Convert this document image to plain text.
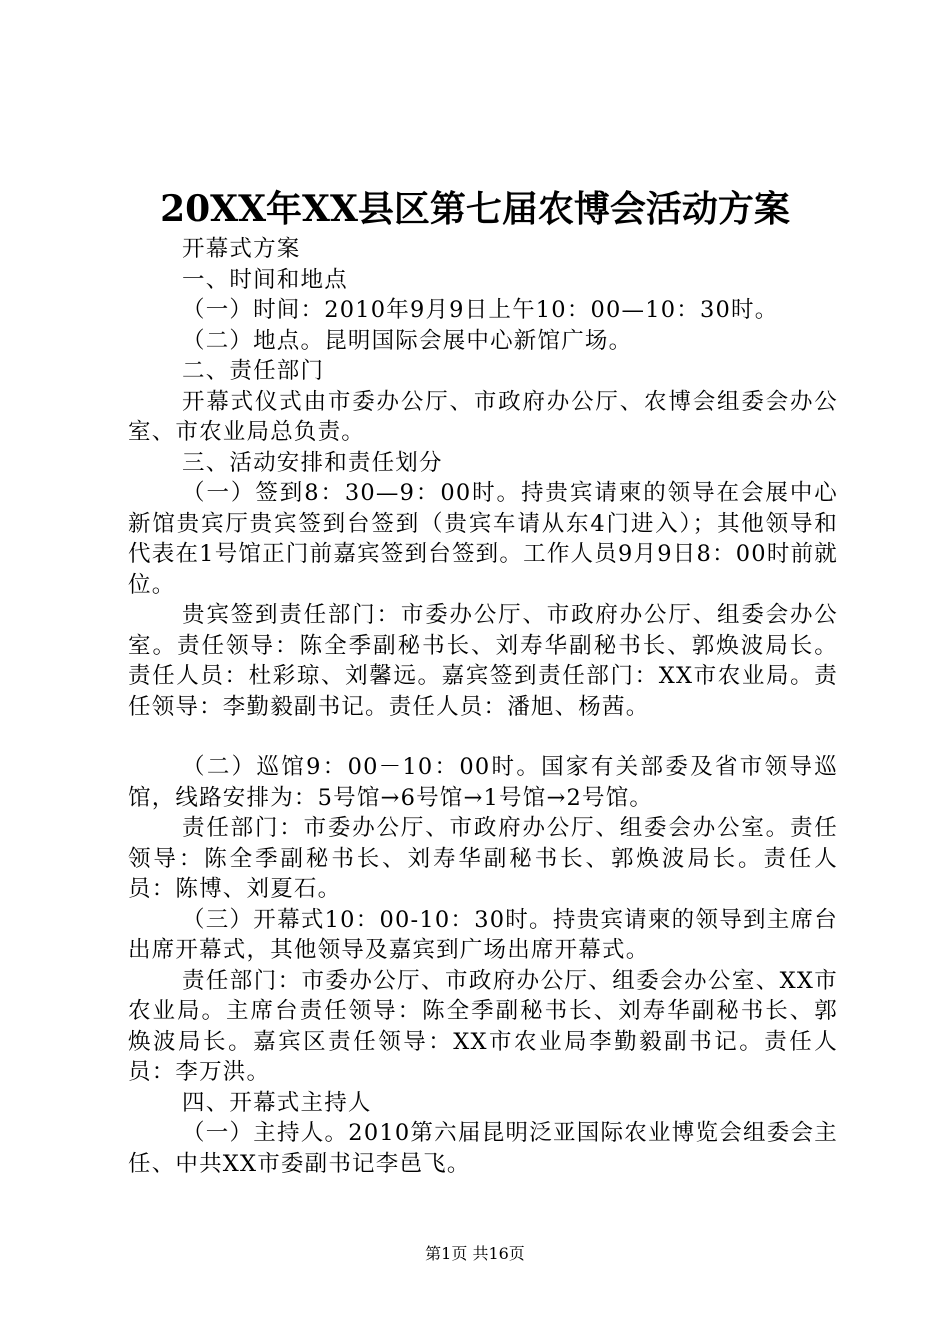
20XX年XX县区第七届农博会活动方案

开幕式方案

一、时间和地点

（一）时间：2010年9月9日上午10：00—10：30时。

（二）地点。昆明国际会展中心新馆广场。

二、责任部门

开幕式仪式由市委办公厅、市政府办公厅、农博会组委会办公室、市农业局总负责。

三、活动安排和责任划分

（一）签到8：30—9：00时。持贵宾请柬的领导在会展中心新馆贵宾厅贵宾签到台签到（贵宾车请从东4门进入）；其他领导和代表在1号馆正门前嘉宾签到台签到。工作人员9月9日8：00时前就位。

贵宾签到责任部门：市委办公厅、市政府办公厅、组委会办公室。责任领导：陈全季副秘书长、刘寿华副秘书长、郭焕波局长。责任人员：杜彩琼、刘馨远。嘉宾签到责任部门：XX市农业局。责任领导：李勤毅副书记。责任人员：潘旭、杨茜。

（二）巡馆9：00－10：00时。国家有关部委及省市领导巡馆，线路安排为：5号馆→6号馆→1号馆→2号馆。

责任部门：市委办公厅、市政府办公厅、组委会办公室。责任领导：陈全季副秘书长、刘寿华副秘书长、郭焕波局长。责任人员：陈博、刘夏石。

（三）开幕式10：00-10：30时。持贵宾请柬的领导到主席台出席开幕式，其他领导及嘉宾到广场出席开幕式。

责任部门：市委办公厅、市政府办公厅、组委会办公室、XX市农业局。主席台责任领导：陈全季副秘书长、刘寿华副秘书长、郭焕波局长。嘉宾区责任领导：XX市农业局李勤毅副书记。责任人员：李万洪。

四、开幕式主持人

（一）主持人。2010第六届昆明泛亚国际农业博览会组委会主任、中共XX市委副书记李邑飞。

第1页 共16页
